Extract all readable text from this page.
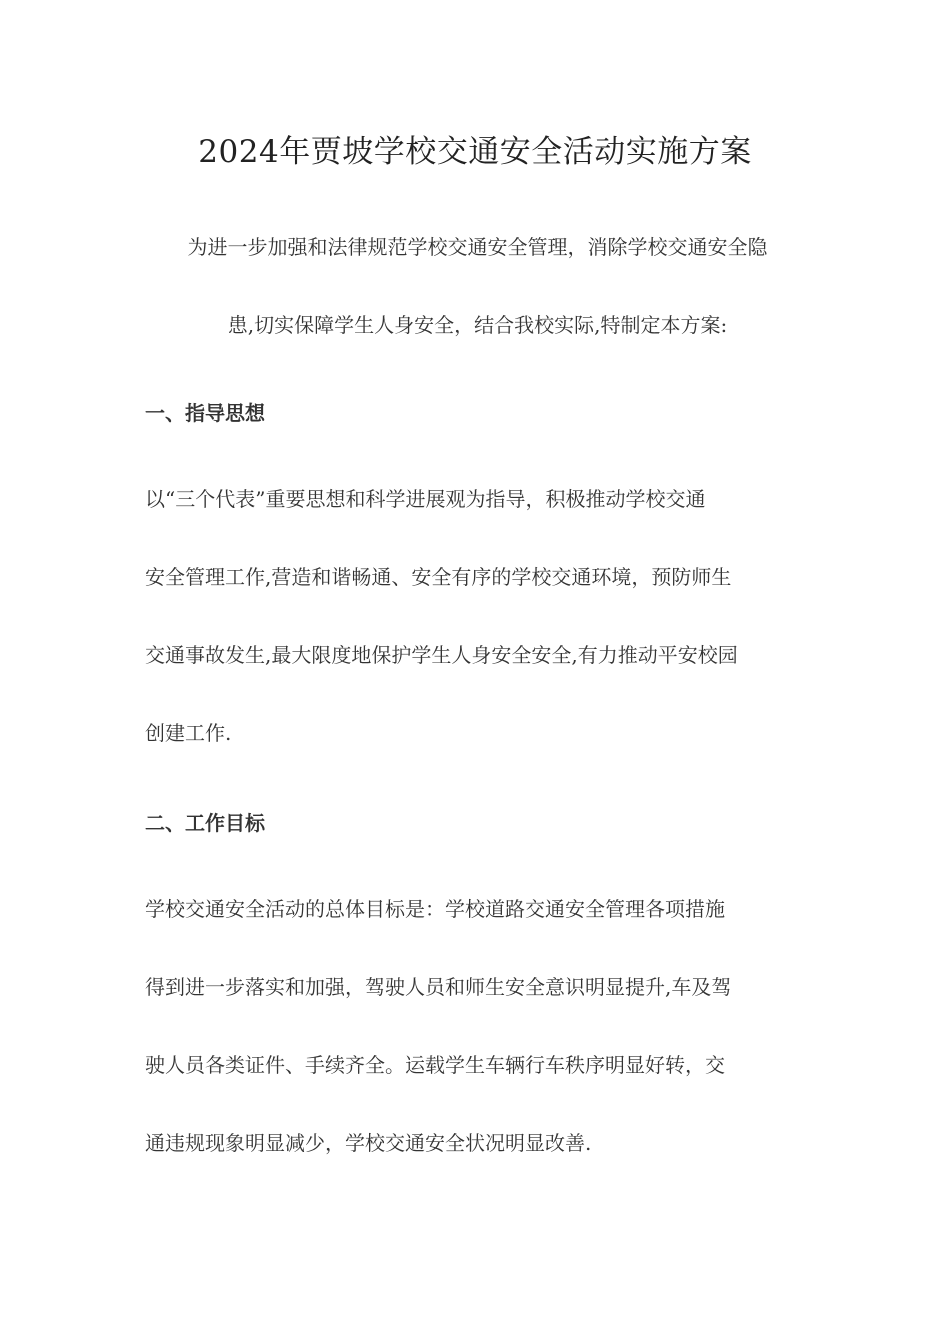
2024年贾坡学校交通安全活动实施方案
为进一步加强和法律规范学校交通安全管理，消除学校交通安全隐
患,切实保障学生人身安全，结合我校实际,特制定本方案:
一、指导思想
以“三个代表”重要思想和科学进展观为指导，积极推动学校交通
安全管理工作,营造和谐畅通、安全有序的学校交通环境，预防师生
交通事故发生,最大限度地保护学生人身安全安全,有力推动平安校园
创建工作.
二、工作目标
学校交通安全活动的总体目标是：学校道路交通安全管理各项措施
得到进一步落实和加强，驾驶人员和师生安全意识明显提升,车及驾
驶人员各类证件、手续齐全。运载学生车辆行车秩序明显好转，交
通违规现象明显减少，学校交通安全状况明显改善.
